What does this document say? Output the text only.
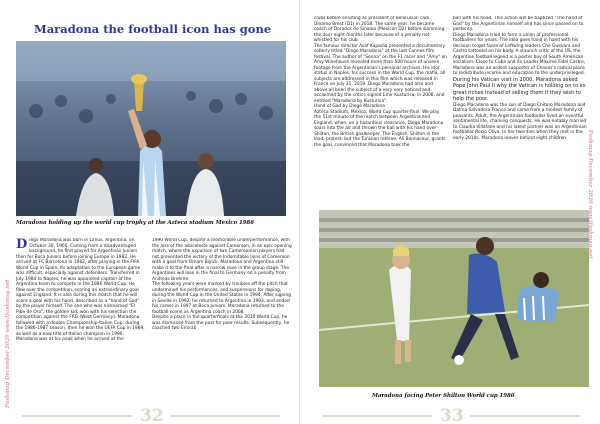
Maradona the football icon has gone

Maradona holding up the world cup trophy at the Azteca stadium Mexico 1986

D iego Maradona was born in Lanús, Argentina, on October 30, 1960. Coming from a disadvantaged background, he first played for Argentinos Juniors then for Boca Juniors before joining Europe in 1982. He arrived at FC Barcelona in 1982, after playing in the FIFA World Cup in Spain. Its adaptation to the European game was difficult, especially against defenders. Transferred in July 1984 to Naples, he was appointed captain of the Argentina team to compete in the 1986 World Cup. He flew over the competition, scoring an extraordinary goal against England. It is also during this match that he will score a goal with his hand, described as a "hand of God" by the player himself. The one who was nicknamed "El Pibe de Oro", the golden kid, won with his selection the competition against the FRG (West Germany). Maradona followed with a double Championship-Italian Cup, during the 1986-1987 season, then he won the UEFA Cup in 1989, as well as a new title of Italian champion in 1990. Maradona was at his peak when he arrived at the

1990 World Cup, despite a memorable underperformance, with the loss of the albiceleste against Cameroon, in an epic opening match, where the expulsion of two Cameroonian players had not prevented the victory of the Indomitable lions of Cameroon with a goal from Omam Biyick. Maradona and Argentina still make it to the final after a narrow save in the group stage. The Argentines will lose in the final to Germany on a penalty from Andreas Brehme.
The following years were marked by troubles off the pitch that undermined his performances, and suspensions for doping, during the World Cup in the United States in 1994. After signing in Seville in 1992, he returned to Argentina in 1993, and ended his career in 1997 at Boca Juniors. Maradona returned to the football scene as Argentina coach in 2008.
Despite a place in the quarterfinals at the 2010 World Cup, he was dismissed from the post for poor results. Subsequently, he coached two Emirati

32
Pashmag December 2020 www.tfashmag.net

clubs before enlisting as president of Belarusian club Dinamo Brest (D1) in 2018. The same year, he became coach of Dorados de Sinaloa (Mexican D2) before slamming the door eight months later because of a penalty not whistled for his club.
The famous director Asaf Kapadia presented a documentary soberly titled "Diego Maradona" at the last Cannes film festival. The author of "Senna" on the F1 racer and "Amy" on Amy Winehouse revealed more than 500 hours of unseen footage from the Argentinian's personal archives. His idol status in Naples, his success in the World Cup, the mafia, all subjects are addressed in this film which was released in France on July 31, 2019. Diego Maradona had also and above all been the subject of a very very noticed and acclaimed by the critics signed Emir Kusturica, in 2008, and entitled "Maradona by Kusturica".
Hand of God by Diego Maradona
Azteca Stadium, Mexico, World Cup quarter-final. We play the 51st minute of the match between Argentina and England, when, on a hazardous clearance, Diego Maradona soars into the air and thrown the ball with his hand over Shilton, the British goalkeeper. The English, Shilton in the lead, protest, but the Tunisian referee, Ali Bennaceur, grants the goal, convinced that Maradona took the

ball with his head. This action will be baptized "The hand of God" by the Argentinian himself and has since passed on to posterity.
Diego Maradona tried to form a union of professional footballers for years. The idea goes hand in hand with his decision to get faces of Leftwing leaders Che Guevara and Castro tattooed on his body. A staunch critic of the US, the Argentine football legend is a poster boy of South American socialism. Close to Cuba and its Leader Maximo Fidel Castro, Maradona was an ardent supporter of Chavez's radical plans to redistribute income and education to the underprivileged.

During his Vatican visit in 2000, Maradona asked Pope John Paul II why the Vatican is holding on to so great riches instead of selling them if they wish to help the poor.

Diego Maradona was the son of Diego Chitoro Maradona and Dalma Salvadora Franco and came from a modest family of peasants. Adult, the Argentinian footballer lived an eventful sentimental life, chaining conquests. He was notably married to Claudia Villafane and his latest partner was an Argentinian footballer Rocio Oliva. In her twenties when they met in the early 2010s. Maradona leaves behind eight children.

Maradona facing Peter Shilton World cup 1986

33
Pashmag December 2020 www.tfashmag.net
